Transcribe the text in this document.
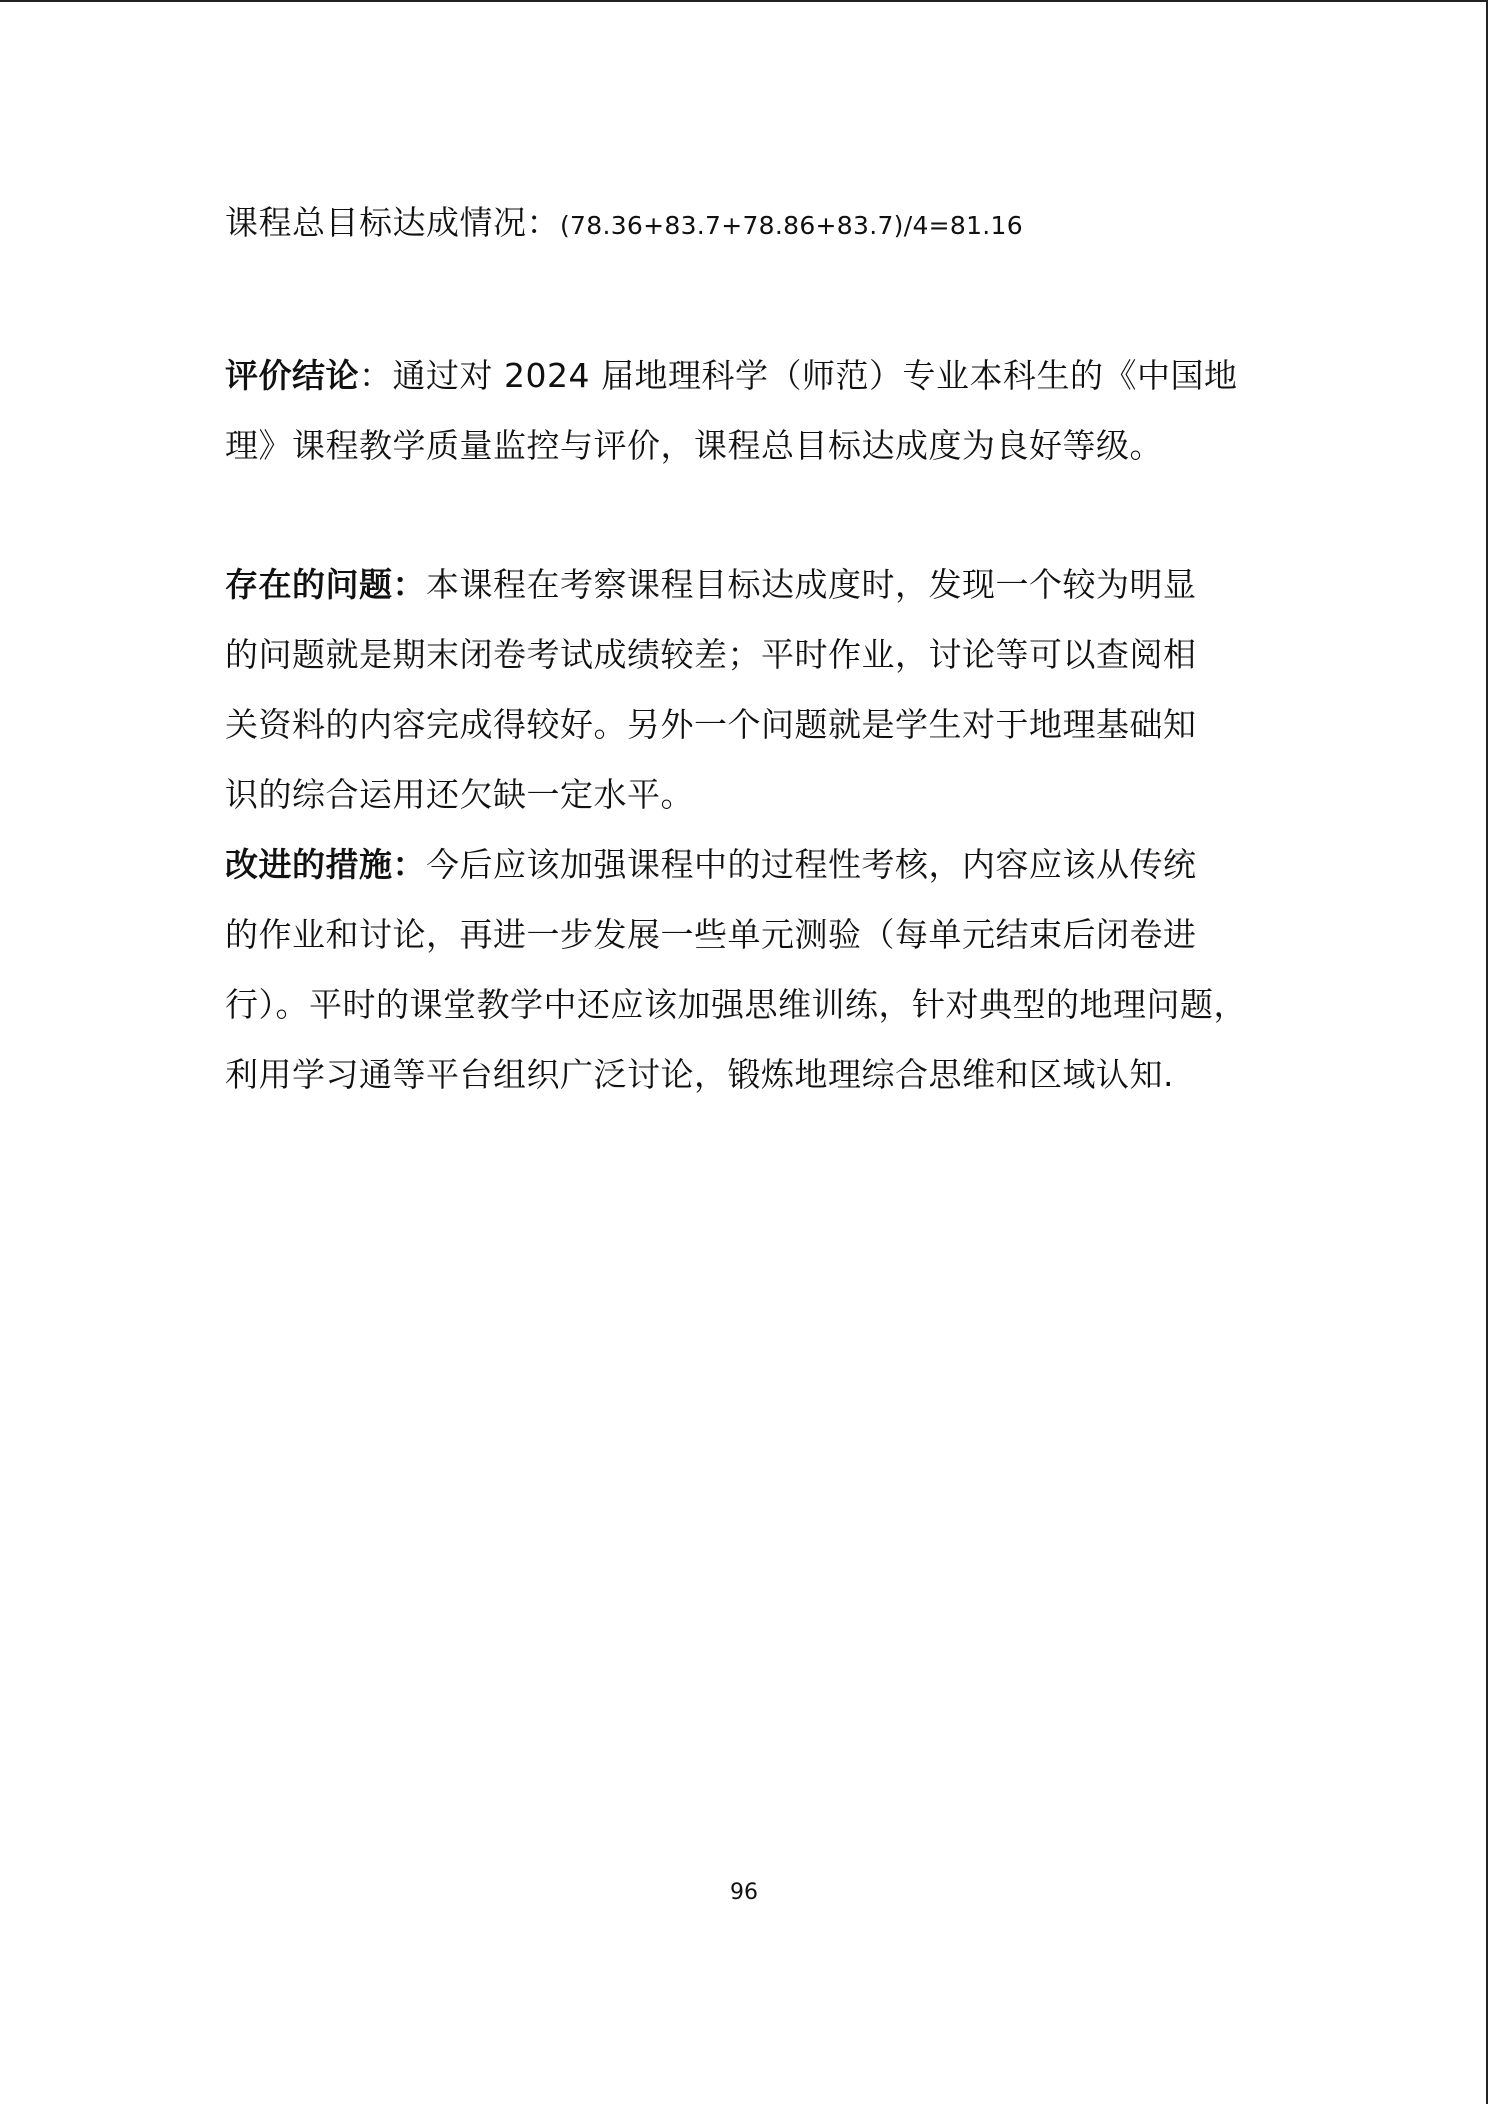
课程总目标达成情况：(78.36+83.7+78.86+83.7)/4=81.16
评价结论：通过对 2024 届地理科学（师范）专业本科生的《中国地
理》课程教学质量监控与评价，课程总目标达成度为良好等级。
存在的问题：本课程在考察课程目标达成度时，发现一个较为明显
的问题就是期末闭卷考试成绩较差；平时作业，讨论等可以查阅相
关资料的内容完成得较好。另外一个问题就是学生对于地理基础知
识的综合运用还欠缺一定水平。
改进的措施：今后应该加强课程中的过程性考核，内容应该从传统
的作业和讨论，再进一步发展一些单元测验（每单元结束后闭卷进
行）。平时的课堂教学中还应该加强思维训练，针对典型的地理问题，
利用学习通等平台组织广泛讨论，锻炼地理综合思维和区域认知.
96
